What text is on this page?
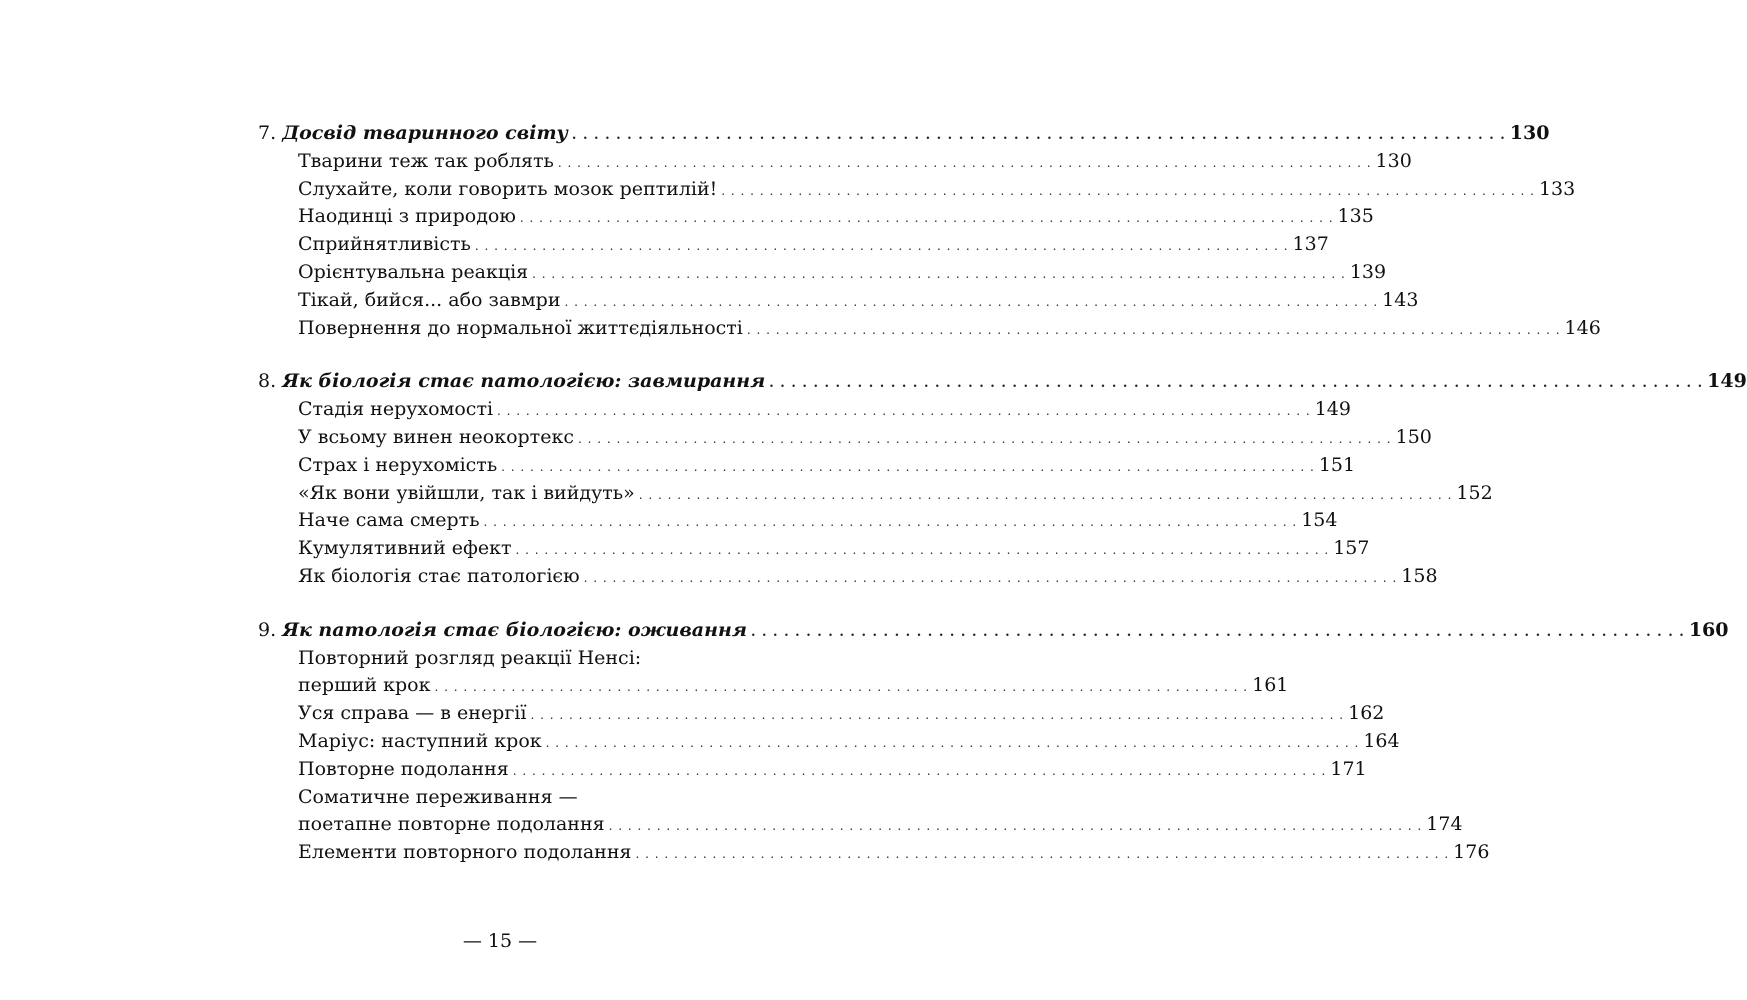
7. Досвід тваринного світу . . .	130
Тварини теж так роблять . . .	130
Слухайте, коли говорить мозок рептилій! . . .	133
Наодинці з природою . . .	135
Сприйнятливість . . .	137
Орієнтувальна реакція . . .	139
Тікай, бийся... або завмри . . .	143
Повернення до нормальної життєдіяльності . . .	146
8. Як біологія стає патологією: завмирання . . .	149
Стадія нерухомості . . .	149
У всьому винен неокортекс . . .	150
Страх і нерухомість . . .	151
«Як вони увійшли, так і вийдуть» . . .	152
Наче сама смерть . . .	154
Кумулятивний ефект . . .	157
Як біологія стає патологією . . .	158
9. Як патологія стає біологією: оживання . . .	160
Повторний розгляд реакції Ненсі:
перший крок . . .	161
Уся справа — в енергії . . .	162
Маріус: наступний крок . . .	164
Повторне подолання . . .	171
Соматичне переживання —
поетапне повторне подолання . . .	174
Елементи повторного подолання . . .	176
— 15 —
